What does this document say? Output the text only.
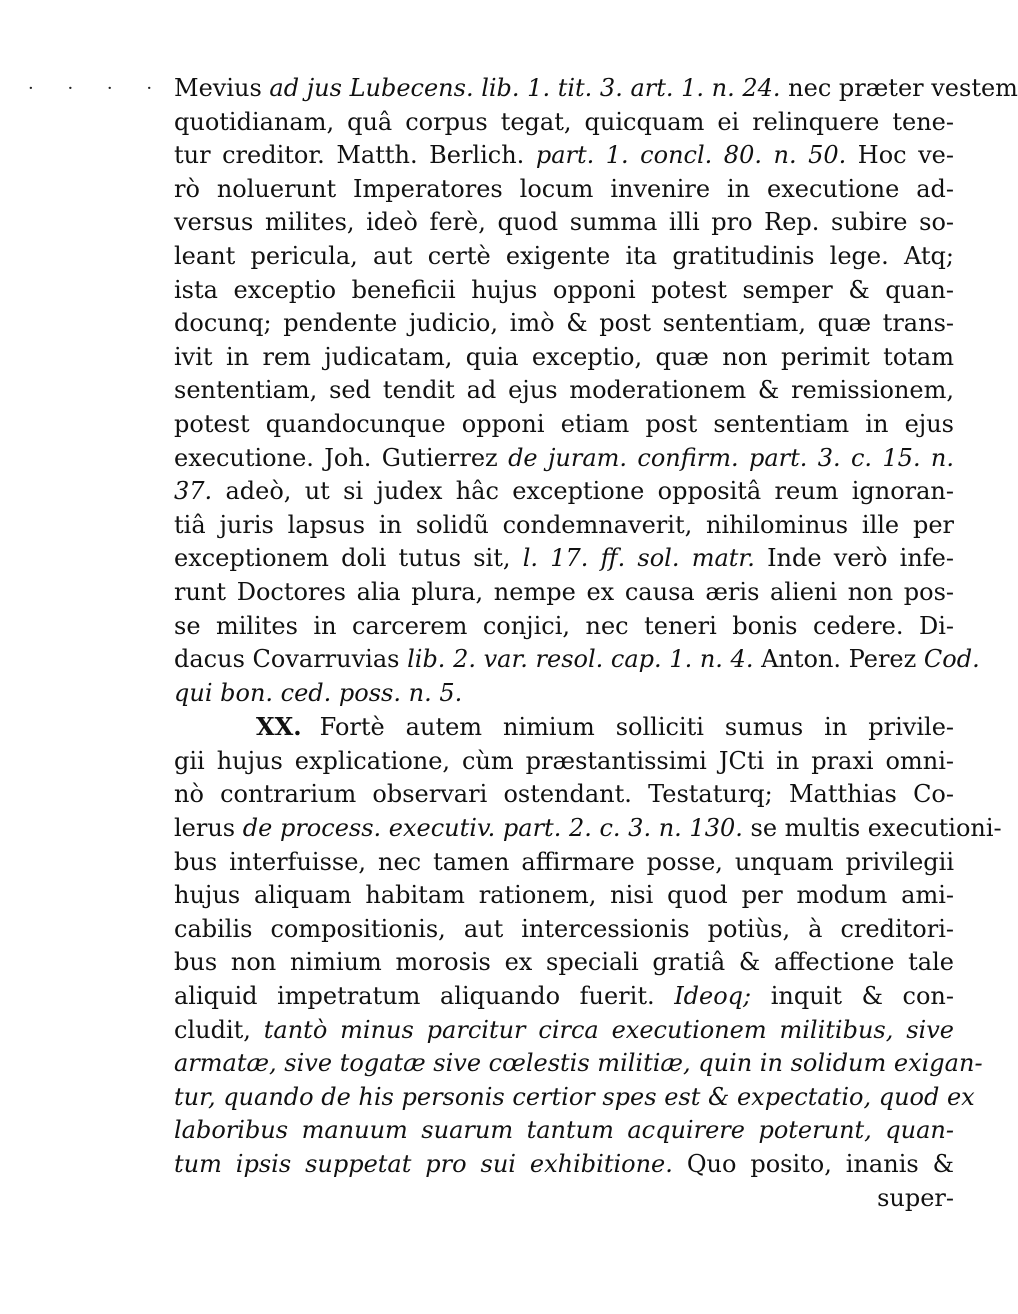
· · · · Mevius ad jus Lubecens. lib. 1. tit. 3. art. 1. n. 24. nec præter vestem
quotidianam, quâ corpus tegat, quicquam ei relinquere tene-
tur creditor. Matth. Berlich. part. 1. concl. 80. n. 50. Hoc ve-
rò noluerunt Imperatores locum invenire in executione ad-
versus milites, ideò ferè, quod summa illi pro Rep. subire so-
leant pericula, aut certè exigente ita gratitudinis lege. Atq;
ista exceptio beneficii hujus opponi potest semper & quan-
docunq; pendente judicio, imò & post sententiam, quæ trans-
ivit in rem judicatam, quia exceptio, quæ non perimit totam
sententiam, sed tendit ad ejus moderationem & remissionem,
potest quandocunque opponi etiam post sententiam in ejus
executione. Joh. Gutierrez de juram. confirm. part. 3. c. 15. n.
37. adeò, ut si judex hâc exceptione oppositâ reum ignoran-
tiâ juris lapsus in solidũ condemnaverit, nihilominus ille per
exceptionem doli tutus sit, l. 17. ff. sol. matr. Inde verò infe-
runt Doctores alia plura, nempe ex causa æris alieni non pos-
se milites in carcerem conjici, nec teneri bonis cedere. Di-
dacus Covarruvias lib. 2. var. resol. cap. 1. n. 4. Anton. Perez Cod.
qui bon. ced. poss. n. 5.
XX. Fortè autem nimium solliciti sumus in privile-
gii hujus explicatione, cùm præstantissimi JCti in praxi omni-
nò contrarium observari ostendant. Testaturq; Matthias Co-
lerus de process. executiv. part. 2. c. 3. n. 130. se multis executioni-
bus interfuisse, nec tamen affirmare posse, unquam privilegii
hujus aliquam habitam rationem, nisi quod per modum ami-
cabilis compositionis, aut intercessionis potiùs, à creditori-
bus non nimium morosis ex speciali gratiâ & affectione tale
aliquid impetratum aliquando fuerit. Ideoq; inquit & con-
cludit, tantò minus parcitur circa executionem militibus, sive
armatæ, sive togatæ sive cœlestis militiæ, quin in solidum exigan-
tur, quando de his personis certior spes est & expectatio, quod ex
laboribus manuum suarum tantum acquirere poterunt, quan-
tum ipsis suppetat pro sui exhibitione. Quo posito, inanis &
super-
